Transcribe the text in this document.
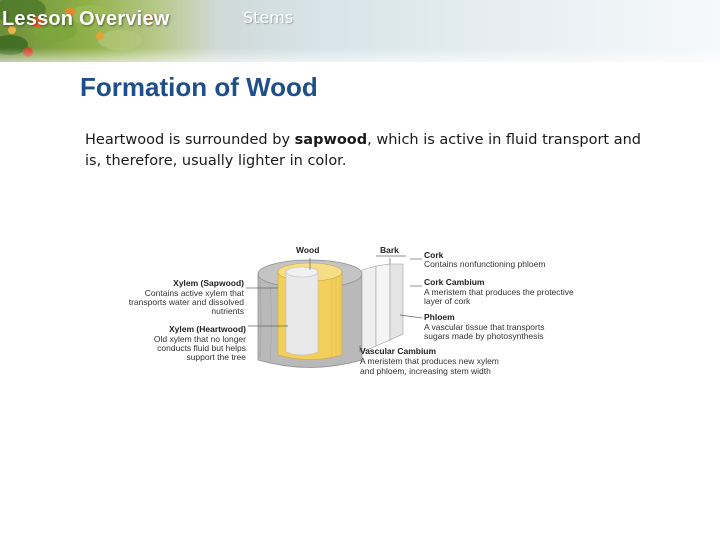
Lesson Overview	Stems
Formation of Wood
Heartwood is surrounded by sapwood, which is active in fluid transport and is, therefore, usually lighter in color.
Wood	Bark	Cork
Contains nonfunctioning phloem
Cork Cambium
A meristem that produces the protective
layer of cork
Phloem
A vascular tissue that transports
sugars made by photosynthesis
Vascular Cambium
A meristem that produces new xylem
and phloem, increasing stem width
Xylem (Sapwood)
Contains active xylem that
transports water and dissolved
nutrients
Xylem (Heartwood)
Old xylem that no longer
conducts fluid but helps
support the tree
